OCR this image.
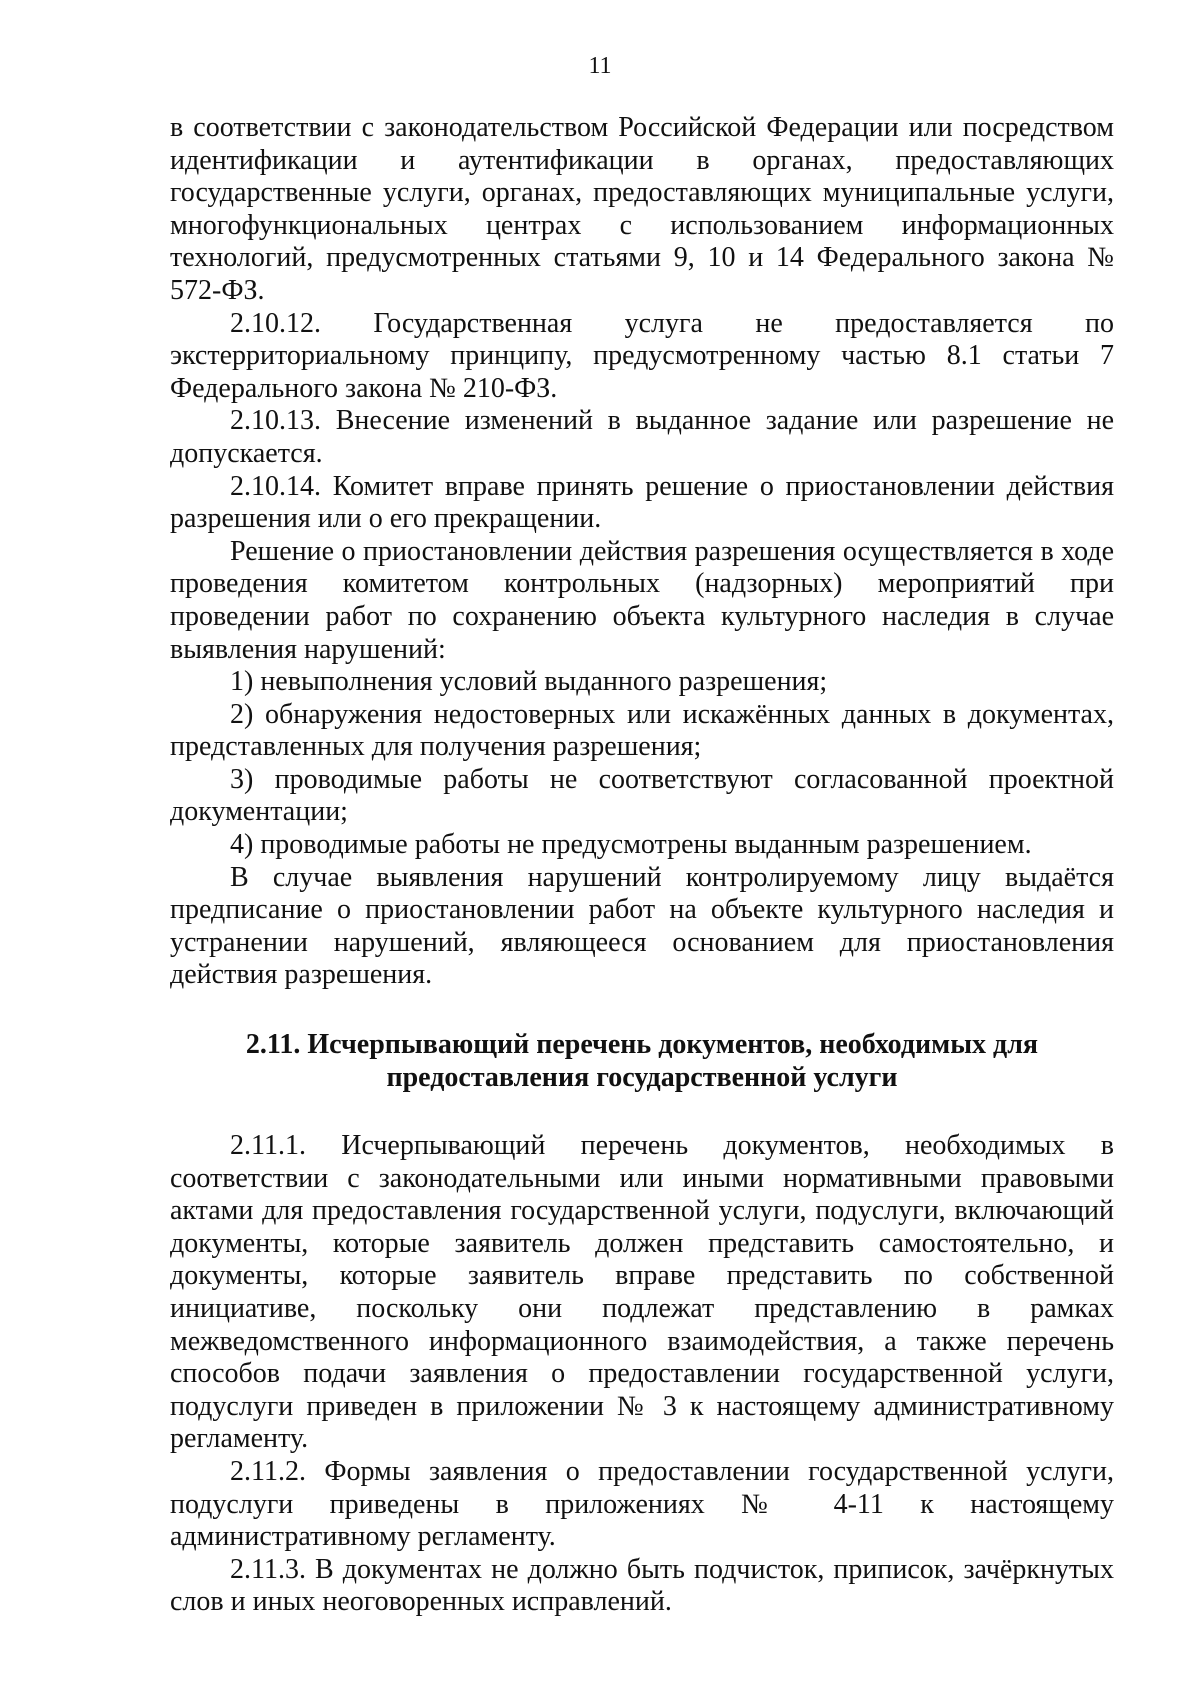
11

в соответствии с законодательством Российской Федерации или посредством идентификации и аутентификации в органах, предоставляющих государственные услуги, органах, предоставляющих муниципальные услуги, многофункциональных центрах с использованием информационных технологий, предусмотренных статьями 9, 10 и 14 Федерального закона № 572-ФЗ.

2.10.12. Государственная услуга не предоставляется по экстерриториальному принципу, предусмотренному частью 8.1 статьи 7 Федерального закона № 210-ФЗ.

2.10.13. Внесение изменений в выданное задание или разрешение не допускается.

2.10.14. Комитет вправе принять решение о приостановлении действия разрешения или о его прекращении.

Решение о приостановлении действия разрешения осуществляется в ходе проведения комитетом контрольных (надзорных) мероприятий при проведении работ по сохранению объекта культурного наследия в случае выявления нарушений:

1) невыполнения условий выданного разрешения;

2) обнаружения недостоверных или искажённых данных в документах, представленных для получения разрешения;

3) проводимые работы не соответствуют согласованной проектной документации;

4) проводимые работы не предусмотрены выданным разрешением.

В случае выявления нарушений контролируемому лицу выдаётся предписание о приостановлении работ на объекте культурного наследия и устранении нарушений, являющееся основанием для приостановления действия разрешения.

2.11. Исчерпывающий перечень документов, необходимых для
предоставления государственной услуги

2.11.1. Исчерпывающий перечень документов, необходимых в соответствии с законодательными или иными нормативными правовыми актами для предоставления государственной услуги, подуслуги, включающий документы, которые заявитель должен представить самостоятельно, и документы, которые заявитель вправе представить по собственной инициативе, поскольку они подлежат представлению в рамках межведомственного информационного взаимодействия, а также перечень способов подачи заявления о предоставлении государственной услуги, подуслуги приведен в приложении № 3 к настоящему административному регламенту.

2.11.2. Формы заявления о предоставлении государственной услуги, подуслуги приведены в приложениях № 4-11 к настоящему административному регламенту.

2.11.3. В документах не должно быть подчисток, приписок, зачёркнутых слов и иных неоговоренных исправлений.
